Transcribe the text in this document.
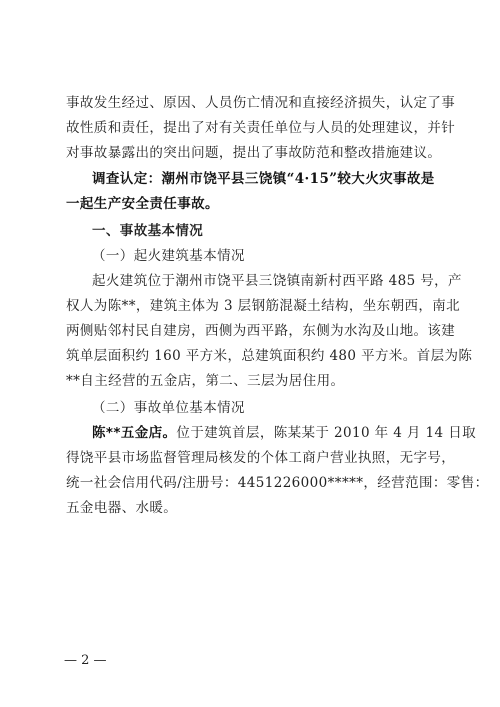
事故发生经过、原因、人员伤亡情况和直接经济损失，认定了事
故性质和责任，提出了对有关责任单位与人员的处理建议，并针
对事故暴露出的突出问题，提出了事故防范和整改措施建议。
调查认定：潮州市饶平县三饶镇“4·15”较大火灾事故是
一起生产安全责任事故。
一、事故基本情况
（一）起火建筑基本情况
起火建筑位于潮州市饶平县三饶镇南新村西平路 485 号，产
权人为陈**，建筑主体为 3 层钢筋混凝土结构，坐东朝西，南北
两侧贴邻村民自建房，西侧为西平路，东侧为水沟及山地。该建
筑单层面积约 160 平方米，总建筑面积约 480 平方米。首层为陈
**自主经营的五金店，第二、三层为居住用。
（二）事故单位基本情况
陈**五金店。位于建筑首层，陈某某于 2010 年 4 月 14 日取
得饶平县市场监督管理局核发的个体工商户营业执照，无字号，
统一社会信用代码/注册号：4451226000*****，经营范围：零售：
五金电器、水暖。
— 2 —
